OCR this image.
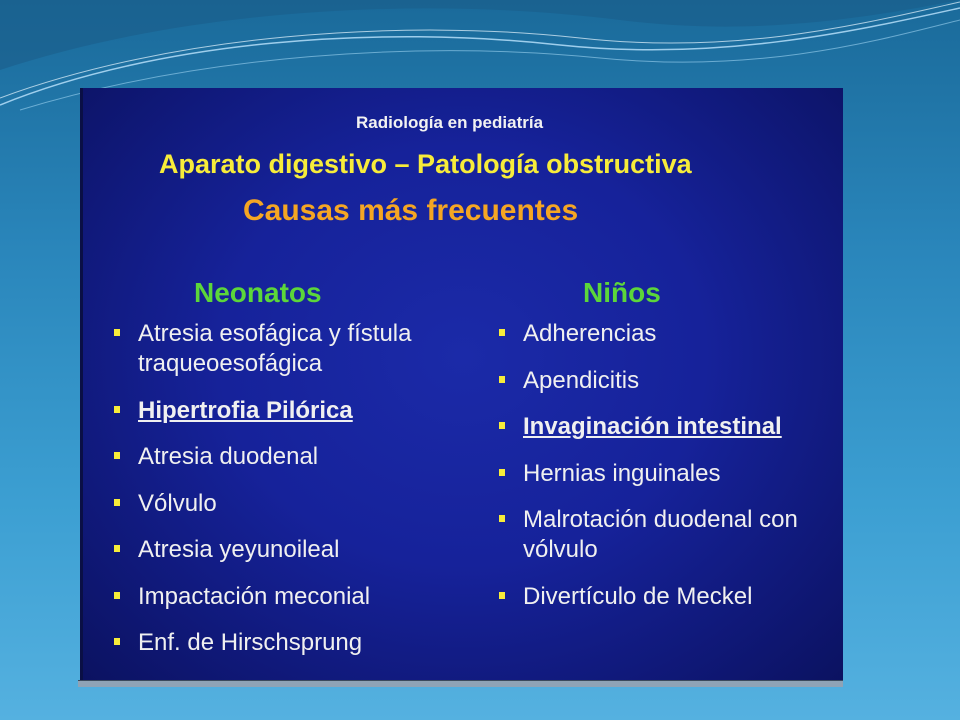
Radiología en pediatría
Aparato digestivo – Patología obstructiva
Causas más frecuentes
Neonatos	Niños
Atresia esofágica y fístula
traqueoesofágica
Hipertrofia Pilórica
Atresia duodenal
Vólvulo
Atresia yeyunoileal
Impactación meconial
Enf. de Hirschsprung
Adherencias
Apendicitis
Invaginación intestinal
Hernias inguinales
Malrotación duodenal con
vólvulo
Divertículo de Meckel
